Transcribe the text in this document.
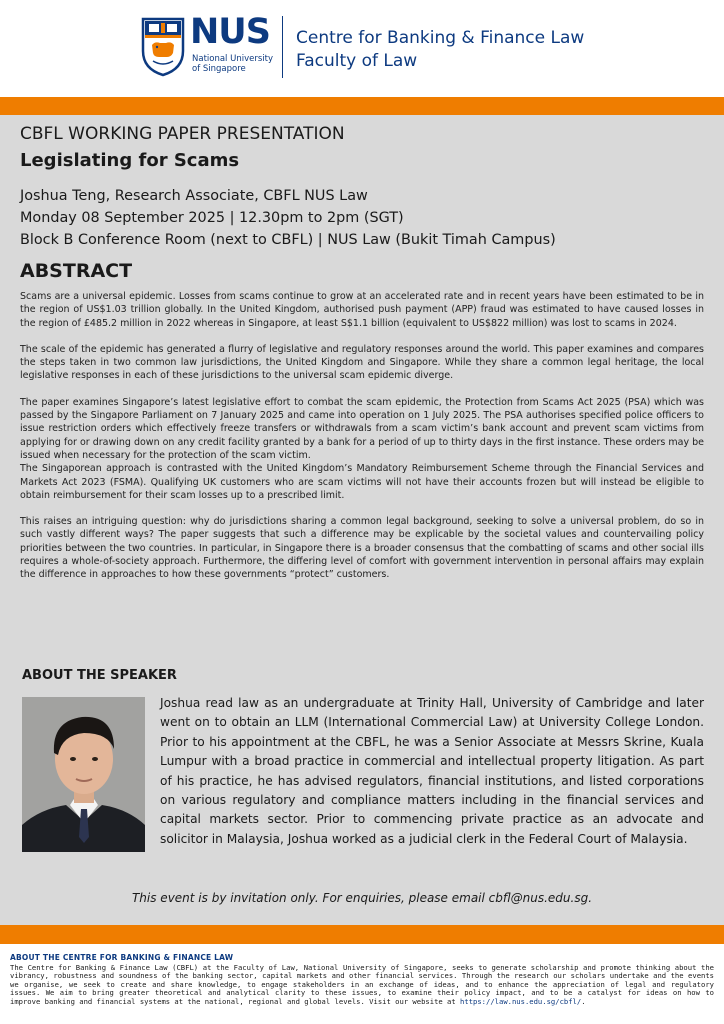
NUS
National University of Singapore
Centre for Banking & Finance Law
Faculty of Law
CBFL WORKING PAPER PRESENTATION
Legislating for Scams
Joshua Teng, Research Associate, CBFL NUS Law
Monday 08 September 2025 | 12.30pm to 2pm (SGT)
Block B Conference Room (next to CBFL) | NUS Law (Bukit Timah Campus)
ABSTRACT

Scams are a universal epidemic. Losses from scams continue to grow at an accelerated rate and in recent years have been estimated to be in the region of US$1.03 trillion globally. In the United Kingdom, authorised push payment (APP) fraud was estimated to have caused losses in the region of £485.2 million in 2022 whereas in Singapore, at least S$1.1 billion (equivalent to US$822 million) was lost to scams in 2024.

The scale of the epidemic has generated a flurry of legislative and regulatory responses around the world. This paper examines and compares the steps taken in two common law jurisdictions, the United Kingdom and Singapore. While they share a common legal heritage, the local legislative responses in each of these jurisdictions to the universal scam epidemic diverge.

The paper examines Singapore’s latest legislative effort to combat the scam epidemic, the Protection from Scams Act 2025 (PSA) which was passed by the Singapore Parliament on 7 January 2025 and came into operation on 1 July 2025. The PSA authorises specified police officers to issue restriction orders which effectively freeze transfers or withdrawals from a scam victim’s bank account and prevent scam victims from applying for or drawing down on any credit facility granted by a bank for a period of up to thirty days in the first instance. These orders may be issued when necessary for the protection of the scam victim.

The Singaporean approach is contrasted with the United Kingdom’s Mandatory Reimbursement Scheme through the Financial Services and Markets Act 2023 (FSMA). Qualifying UK customers who are scam victims will not have their accounts frozen but will instead be eligible to obtain reimbursement for their scam losses up to a prescribed limit.

This raises an intriguing question: why do jurisdictions sharing a common legal background, seeking to solve a universal problem, do so in such vastly different ways? The paper suggests that such a difference may be explicable by the societal values and countervailing policy priorities between the two countries. In particular, in Singapore there is a broader consensus that the combatting of scams and other social ills requires a whole-of-society approach. Furthermore, the differing level of comfort with government intervention in personal affairs may explain the difference in approaches to how these governments “protect” customers.

ABOUT THE SPEAKER
Joshua read law as an undergraduate at Trinity Hall, University of Cambridge and later went on to obtain an LLM (International Commercial Law) at University College London. Prior to his appointment at the CBFL, he was a Senior Associate at Messrs Skrine, Kuala Lumpur with a broad practice in commercial and intellectual property litigation. As part of his practice, he has advised regulators, financial institutions, and listed corporations on various regulatory and compliance matters including in the financial services and capital markets sector. Prior to commencing private practice as an advocate and solicitor in Malaysia, Joshua worked as a judicial clerk in the Federal Court of Malaysia.
This event is by invitation only. For enquiries, please email cbfl@nus.edu.sg.
ABOUT THE CENTRE FOR BANKING & FINANCE LAW
The Centre for Banking & Finance Law (CBFL) at the Faculty of Law, National University of Singapore, seeks to generate scholarship and promote thinking about the vibrancy, robustness and soundness of the banking sector, capital markets and other financial services. Through the research our scholars undertake and the events we organise, we seek to create and share knowledge, to engage stakeholders in an exchange of ideas, and to enhance the appreciation of legal and regulatory issues. We aim to bring greater theoretical and analytical clarity to these issues, to examine their policy impact, and to be a catalyst for ideas on how to improve banking and financial systems at the national, regional and global levels. Visit our website at https://law.nus.edu.sg/cbfl/.
